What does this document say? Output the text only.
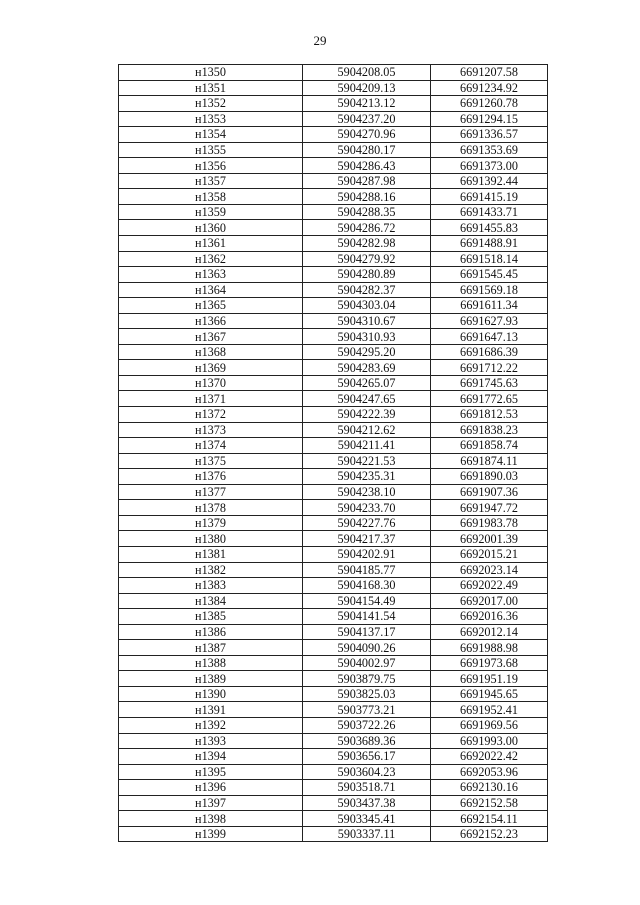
29
н1350	5904208.05	6691207.58
н1351	5904209.13	6691234.92
н1352	5904213.12	6691260.78
н1353	5904237.20	6691294.15
н1354	5904270.96	6691336.57
н1355	5904280.17	6691353.69
н1356	5904286.43	6691373.00
н1357	5904287.98	6691392.44
н1358	5904288.16	6691415.19
н1359	5904288.35	6691433.71
н1360	5904286.72	6691455.83
н1361	5904282.98	6691488.91
н1362	5904279.92	6691518.14
н1363	5904280.89	6691545.45
н1364	5904282.37	6691569.18
н1365	5904303.04	6691611.34
н1366	5904310.67	6691627.93
н1367	5904310.93	6691647.13
н1368	5904295.20	6691686.39
н1369	5904283.69	6691712.22
н1370	5904265.07	6691745.63
н1371	5904247.65	6691772.65
н1372	5904222.39	6691812.53
н1373	5904212.62	6691838.23
н1374	5904211.41	6691858.74
н1375	5904221.53	6691874.11
н1376	5904235.31	6691890.03
н1377	5904238.10	6691907.36
н1378	5904233.70	6691947.72
н1379	5904227.76	6691983.78
н1380	5904217.37	6692001.39
н1381	5904202.91	6692015.21
н1382	5904185.77	6692023.14
н1383	5904168.30	6692022.49
н1384	5904154.49	6692017.00
н1385	5904141.54	6692016.36
н1386	5904137.17	6692012.14
н1387	5904090.26	6691988.98
н1388	5904002.97	6691973.68
н1389	5903879.75	6691951.19
н1390	5903825.03	6691945.65
н1391	5903773.21	6691952.41
н1392	5903722.26	6691969.56
н1393	5903689.36	6691993.00
н1394	5903656.17	6692022.42
н1395	5903604.23	6692053.96
н1396	5903518.71	6692130.16
н1397	5903437.38	6692152.58
н1398	5903345.41	6692154.11
н1399	5903337.11	6692152.23
